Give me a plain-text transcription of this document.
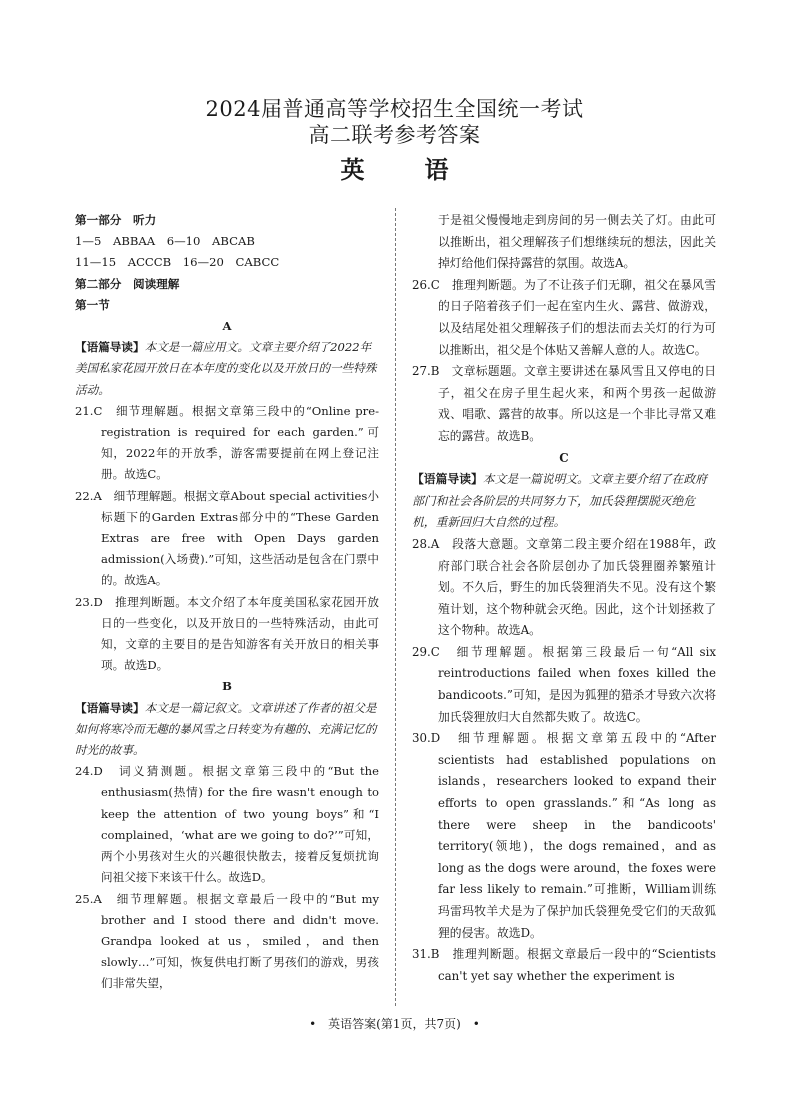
2024届普通高等学校招生全国统一考试
高二联考参考答案
英　语

第一部分　听力

1—5　ABBAA　6—10　ABCAB

11—15　ACCCB　16—20　CABCC

第二部分　阅读理解

第一节

A

【语篇导读】本文是一篇应用文。文章主要介绍了2022年美国私家花园开放日在本年度的变化以及开放日的一些特殊活动。

21.C　细节理解题。根据文章第三段中的“Online pre-registration is required for each garden.”可知，2022年的开放季，游客需要提前在网上登记注册。故选C。

22.A　细节理解题。根据文章About special activities小标题下的Garden Extras部分中的“These Garden Extras are free with Open Days garden admission(入场费).”可知，这些活动是包含在门票中的。故选A。

23.D　推理判断题。本文介绍了本年度美国私家花园开放日的一些变化，以及开放日的一些特殊活动，由此可知，文章的主要目的是告知游客有关开放日的相关事项。故选D。

B

【语篇导读】本文是一篇记叙文。文章讲述了作者的祖父是如何将寒冷而无趣的暴风雪之日转变为有趣的、充满记忆的时光的故事。

24.D　词义猜测题。根据文章第三段中的“But the enthusiasm(热情) for the fire wasn't enough to keep the attention of two young boys”和“I complained，‘what are we going to do?’”可知，两个小男孩对生火的兴趣很快散去，接着反复烦扰询问祖父接下来该干什么。故选D。

25.A　细节理解题。根据文章最后一段中的“But my brother and I stood there and didn't move. Grandpa looked at us，smiled，and then slowly…”可知，恢复供电打断了男孩们的游戏，男孩们非常失望，

于是祖父慢慢地走到房间的另一侧去关了灯。由此可以推断出，祖父理解孩子们想继续玩的想法，因此关掉灯给他们保持露营的氛围。故选A。

26.C　推理判断题。为了不让孩子们无聊，祖父在暴风雪的日子陪着孩子们一起在室内生火、露营、做游戏，以及结尾处祖父理解孩子们的想法而去关灯的行为可以推断出，祖父是个体贴又善解人意的人。故选C。

27.B　文章标题题。文章主要讲述在暴风雪且又停电的日子，祖父在房子里生起火来，和两个男孩一起做游戏、唱歌、露营的故事。所以这是一个非比寻常又难忘的露营。故选B。

C

【语篇导读】本文是一篇说明文。文章主要介绍了在政府部门和社会各阶层的共同努力下，加氏袋狸摆脱灭绝危机，重新回归大自然的过程。

28.A　段落大意题。文章第二段主要介绍在1988年，政府部门联合社会各阶层创办了加氏袋狸圈养繁殖计划。不久后，野生的加氏袋狸消失不见。没有这个繁殖计划，这个物种就会灭绝。因此，这个计划拯救了这个物种。故选A。

29.C　细节理解题。根据第三段最后一句“All six reintroductions failed when foxes killed the bandicoots.”可知，是因为狐狸的猎杀才导致六次将加氏袋狸放归大自然都失败了。故选C。

30.D　细节理解题。根据文章第五段中的“After scientists had established populations on islands，researchers looked to expand their efforts to open grasslands.”和“As long as there were sheep in the bandicoots' territory(领地)，the dogs remained，and as long as the dogs were around，the foxes were far less likely to remain.”可推断，William训练玛雷玛牧羊犬是为了保护加氏袋狸免受它们的天敌狐狸的侵害。故选D。

31.B　推理判断题。根据文章最后一段中的“Scientists can't yet say whether the experiment is

•　英语答案(第1页，共7页)　•
